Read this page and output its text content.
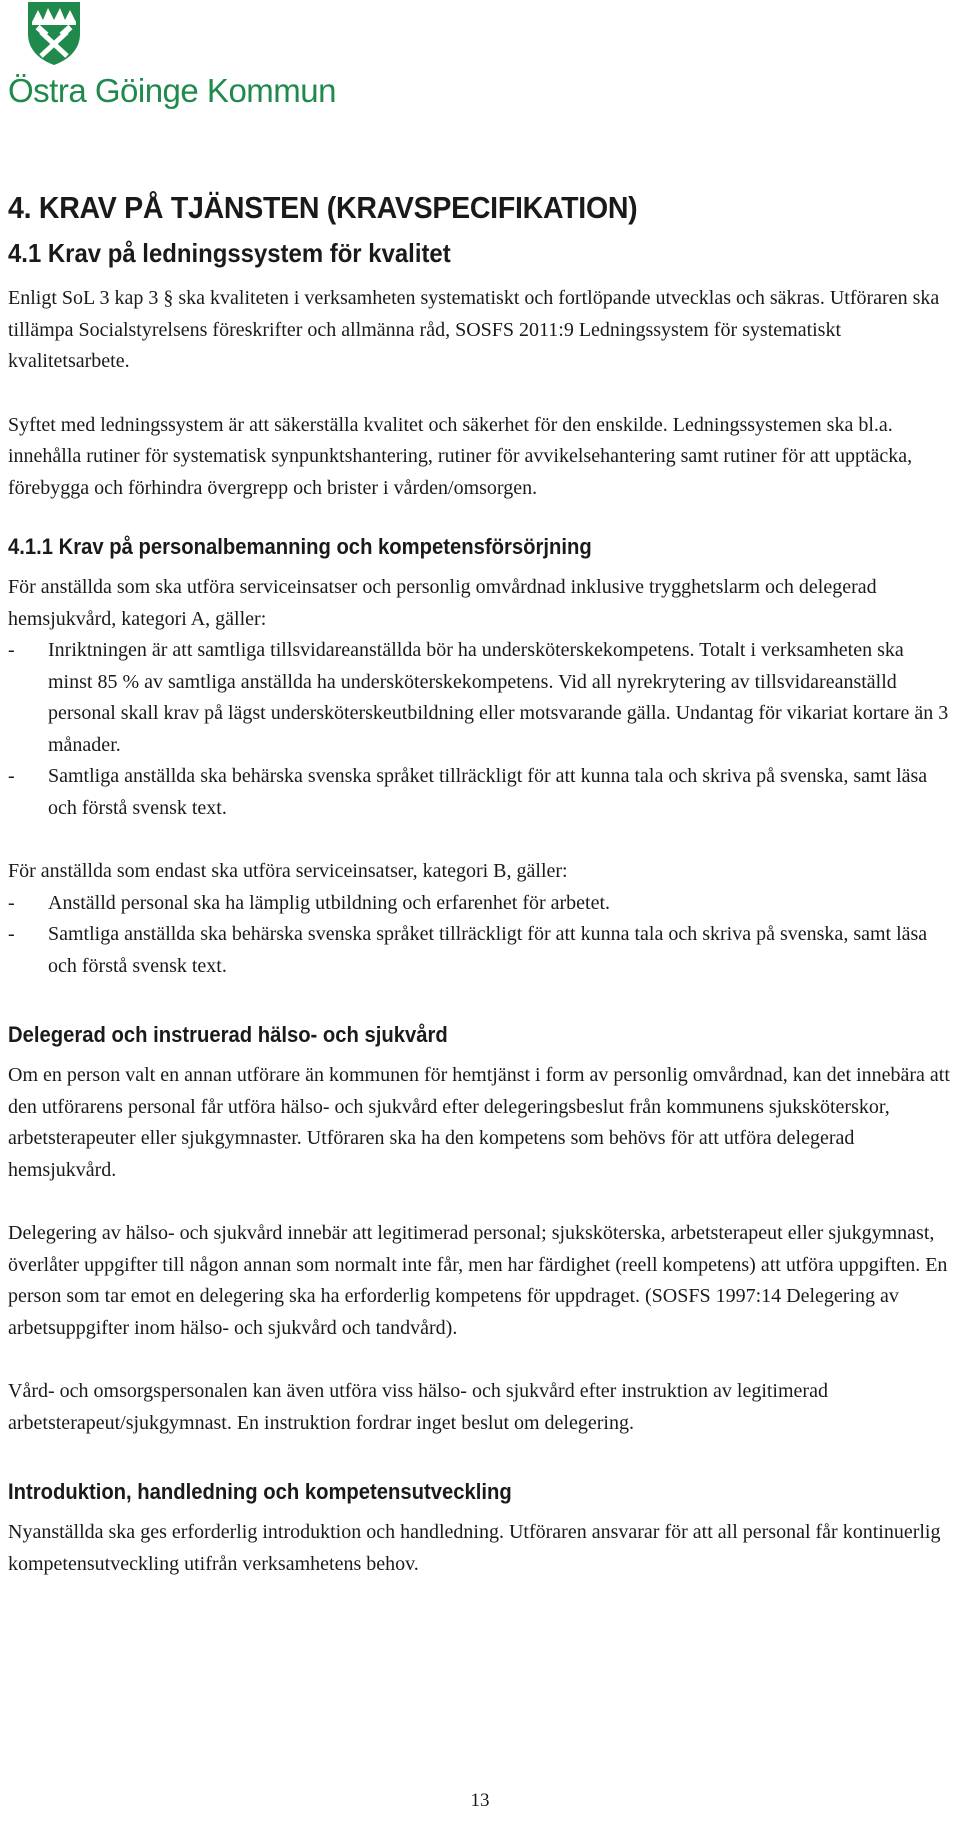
Östra Göinge Kommun
4. KRAV PÅ TJÄNSTEN (KRAVSPECIFIKATION)
4.1 Krav på ledningssystem för kvalitet

Enligt SoL 3 kap 3 § ska kvaliteten i verksamheten systematiskt och fortlöpande utvecklas och säkras. Utföraren ska tillämpa Socialstyrelsens föreskrifter och allmänna råd, SOSFS 2011:9 Ledningssystem för systematiskt kvalitetsarbete.

Syftet med ledningssystem är att säkerställa kvalitet och säkerhet för den enskilde. Ledningssystemen ska bl.a. innehålla rutiner för systematisk synpunktshantering, rutiner för avvikelsehantering samt rutiner för att upptäcka, förebygga och förhindra övergrepp och brister i vården/omsorgen.

4.1.1 Krav på personalbemanning och kompetensförsörjning

För anställda som ska utföra serviceinsatser och personlig omvårdnad inklusive trygghetslarm och delegerad hemsjukvård, kategori A, gäller:

- Inriktningen är att samtliga tillsvidareanställda bör ha undersköterskekompetens. Totalt i verksamheten ska minst 85 % av samtliga anställda ha undersköterskekompetens. Vid all nyrekrytering av tillsvidareanställd personal skall krav på lägst undersköterskeutbildning eller motsvarande gälla. Undantag för vikariat kortare än 3 månader.
- Samtliga anställda ska behärska svenska språket tillräckligt för att kunna tala och skriva på svenska, samt läsa och förstå svensk text.

För anställda som endast ska utföra serviceinsatser, kategori B, gäller:

- Anställd personal ska ha lämplig utbildning och erfarenhet för arbetet.
- Samtliga anställda ska behärska svenska språket tillräckligt för att kunna tala och skriva på svenska, samt läsa och förstå svensk text.
Delegerad och instruerad hälso- och sjukvård

Om en person valt en annan utförare än kommunen för hemtjänst i form av personlig omvårdnad, kan det innebära att den utförarens personal får utföra hälso- och sjukvård efter delegeringsbeslut från kommunens sjuksköterskor, arbetsterapeuter eller sjukgymnaster. Utföraren ska ha den kompetens som behövs för att utföra delegerad hemsjukvård.

Delegering av hälso- och sjukvård innebär att legitimerad personal; sjuksköterska, arbetsterapeut eller sjukgymnast, överlåter uppgifter till någon annan som normalt inte får, men har färdighet (reell kompetens) att utföra uppgiften. En person som tar emot en delegering ska ha erforderlig kompetens för uppdraget. (SOSFS 1997:14 Delegering av arbetsuppgifter inom hälso- och sjukvård och tandvård).

Vård- och omsorgspersonalen kan även utföra viss hälso- och sjukvård efter instruktion av legitimerad arbetsterapeut/sjukgymnast. En instruktion fordrar inget beslut om delegering.

Introduktion, handledning och kompetensutveckling

Nyanställda ska ges erforderlig introduktion och handledning. Utföraren ansvarar för att all personal får kontinuerlig kompetensutveckling utifrån verksamhetens behov.

13
